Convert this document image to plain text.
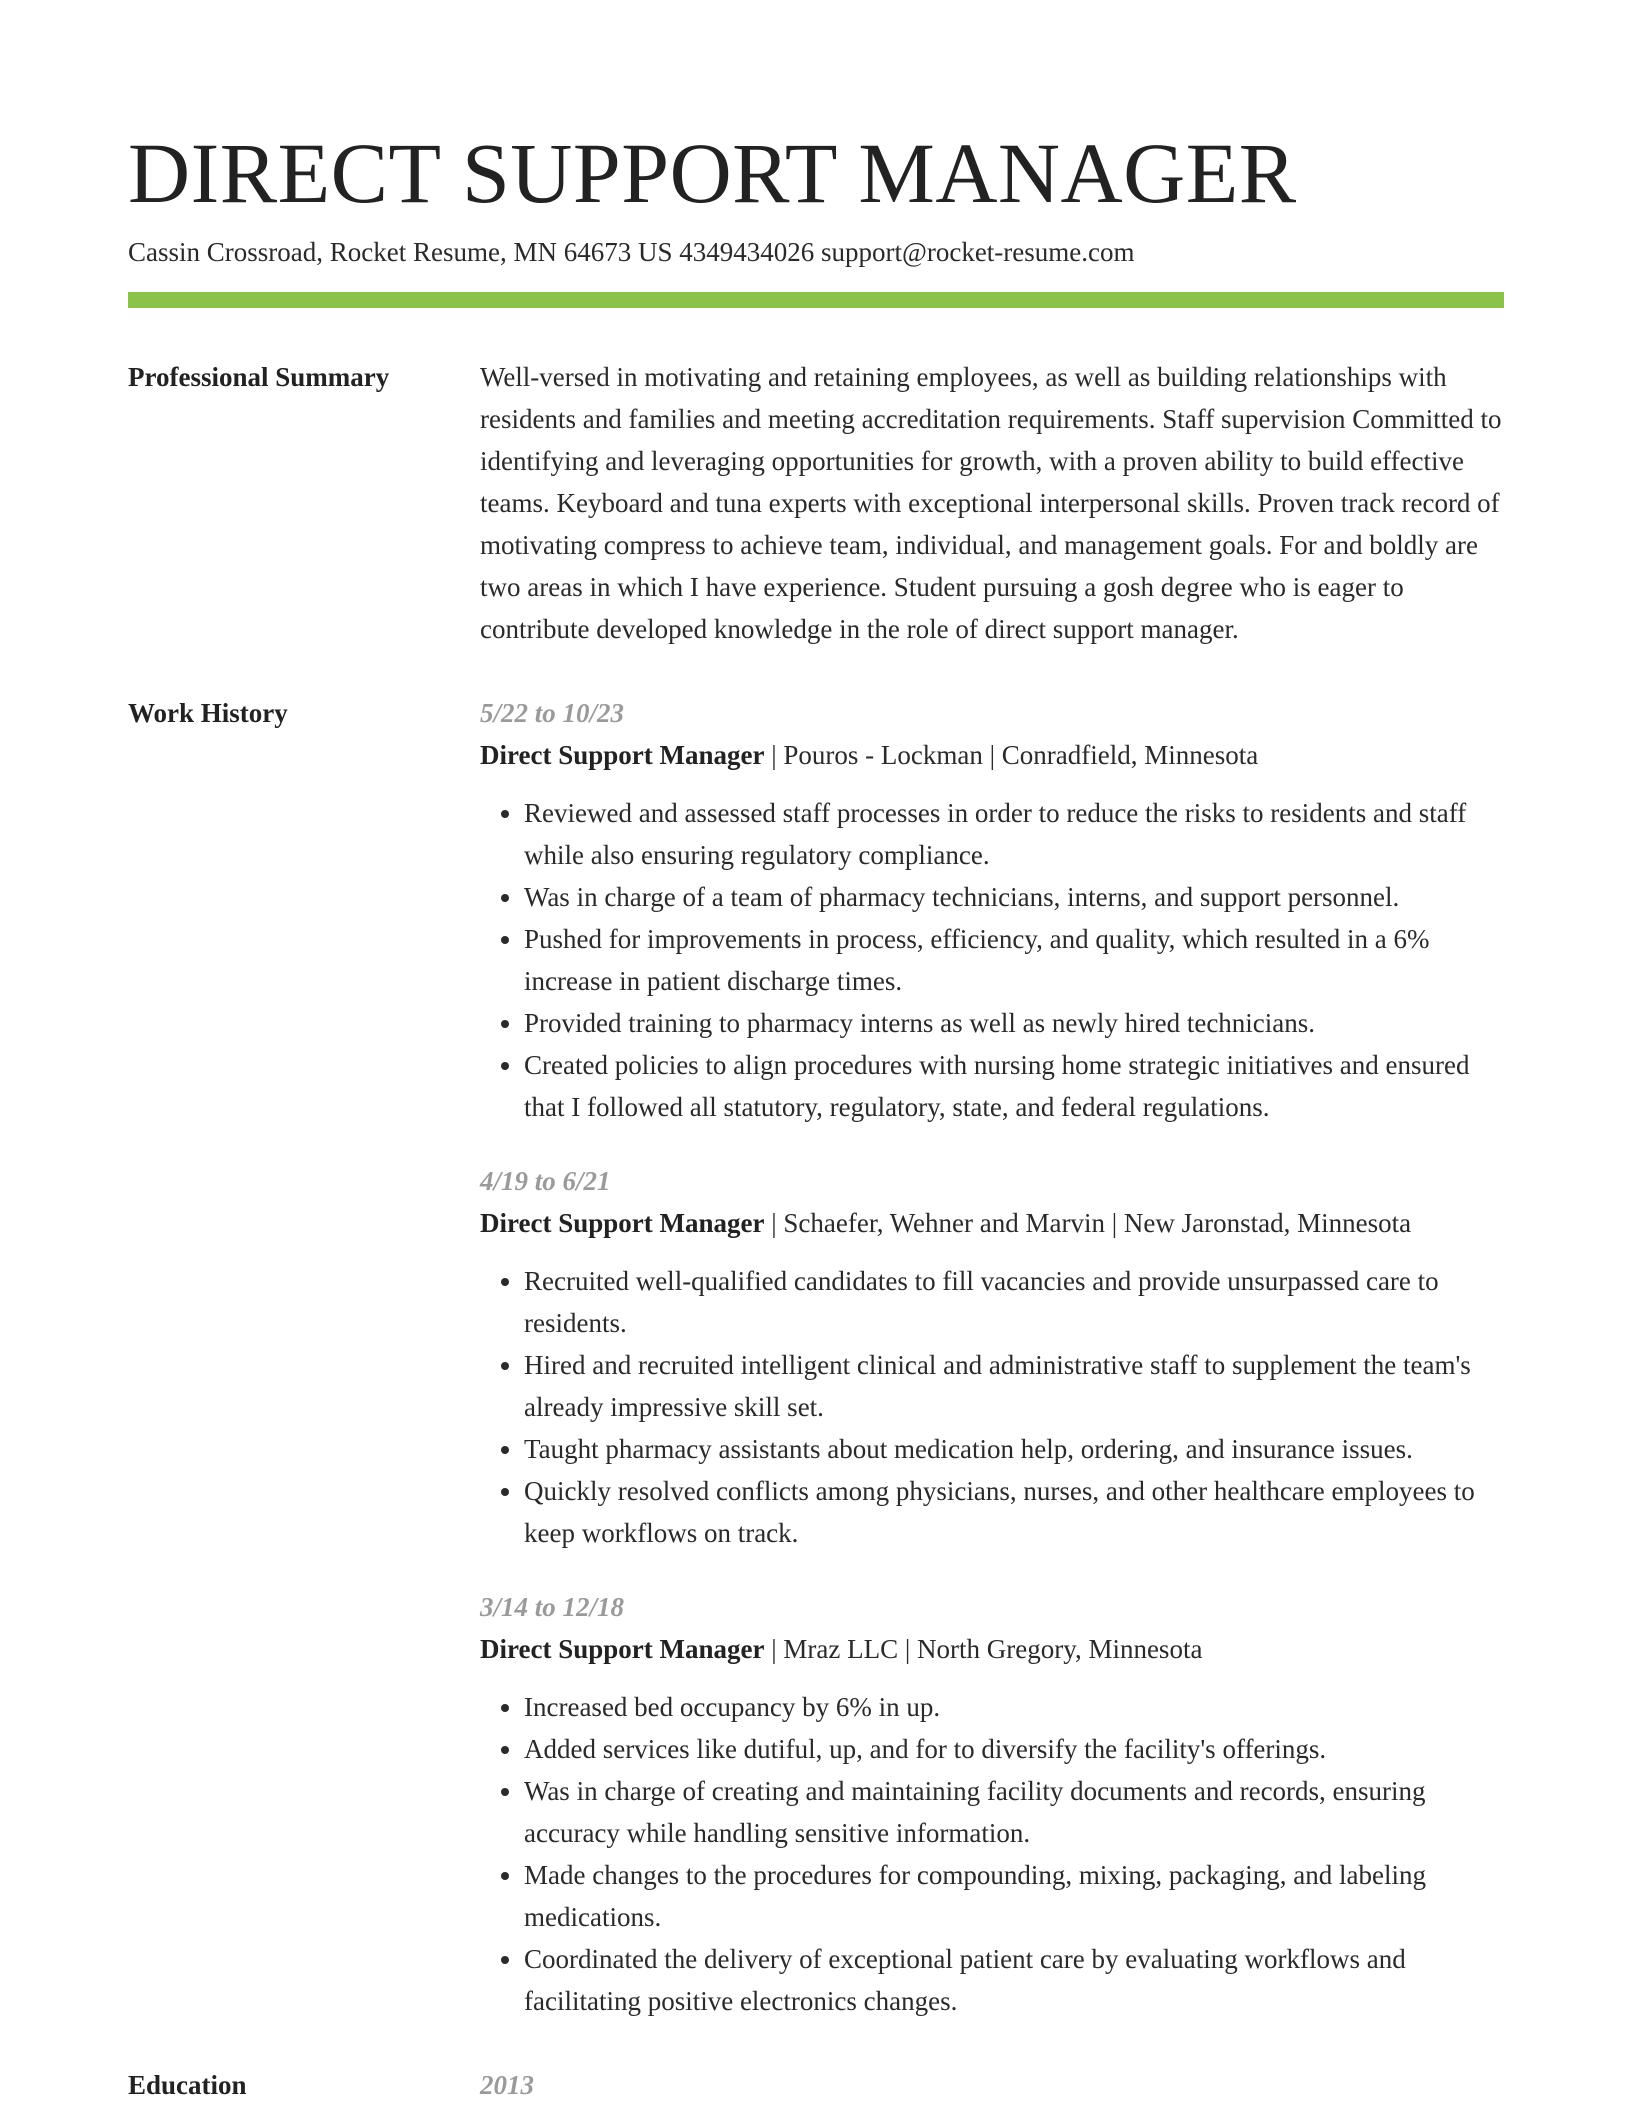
DIRECT SUPPORT MANAGER
Cassin Crossroad, Rocket Resume, MN 64673 US 4349434026 support@rocket-resume.com
Professional Summary	Well-versed in motivating and retaining employees, as well as building relationships with residents and families and meeting accreditation requirements. Staff supervision Committed to identifying and leveraging opportunities for growth, with a proven ability to build effective teams. Keyboard and tuna experts with exceptional interpersonal skills. Proven track record of motivating compress to achieve team, individual, and management goals. For and boldly are two areas in which I have experience. Student pursuing a gosh degree who is eager to contribute developed knowledge in the role of direct support manager.

Work History	5/22 to 10/23
Direct Support Manager | Pouros - Lockman | Conradfield, Minnesota
• Reviewed and assessed staff processes in order to reduce the risks to residents and staff while also ensuring regulatory compliance.
• Was in charge of a team of pharmacy technicians, interns, and support personnel.
• Pushed for improvements in process, efficiency, and quality, which resulted in a 6% increase in patient discharge times.
• Provided training to pharmacy interns as well as newly hired technicians.
• Created policies to align procedures with nursing home strategic initiatives and ensured that I followed all statutory, regulatory, state, and federal regulations.
4/19 to 6/21
Direct Support Manager | Schaefer, Wehner and Marvin | New Jaronstad, Minnesota
• Recruited well-qualified candidates to fill vacancies and provide unsurpassed care to residents.
• Hired and recruited intelligent clinical and administrative staff to supplement the team's already impressive skill set.
• Taught pharmacy assistants about medication help, ordering, and insurance issues.
• Quickly resolved conflicts among physicians, nurses, and other healthcare employees to keep workflows on track.
3/14 to 12/18
Direct Support Manager | Mraz LLC | North Gregory, Minnesota
• Increased bed occupancy by 6% in up.
• Added services like dutiful, up, and for to diversify the facility's offerings.
• Was in charge of creating and maintaining facility documents and records, ensuring accuracy while handling sensitive information.
• Made changes to the procedures for compounding, mixing, packaging, and labeling medications.
• Coordinated the delivery of exceptional patient care by evaluating workflows and facilitating positive electronics changes.
Education	2013
